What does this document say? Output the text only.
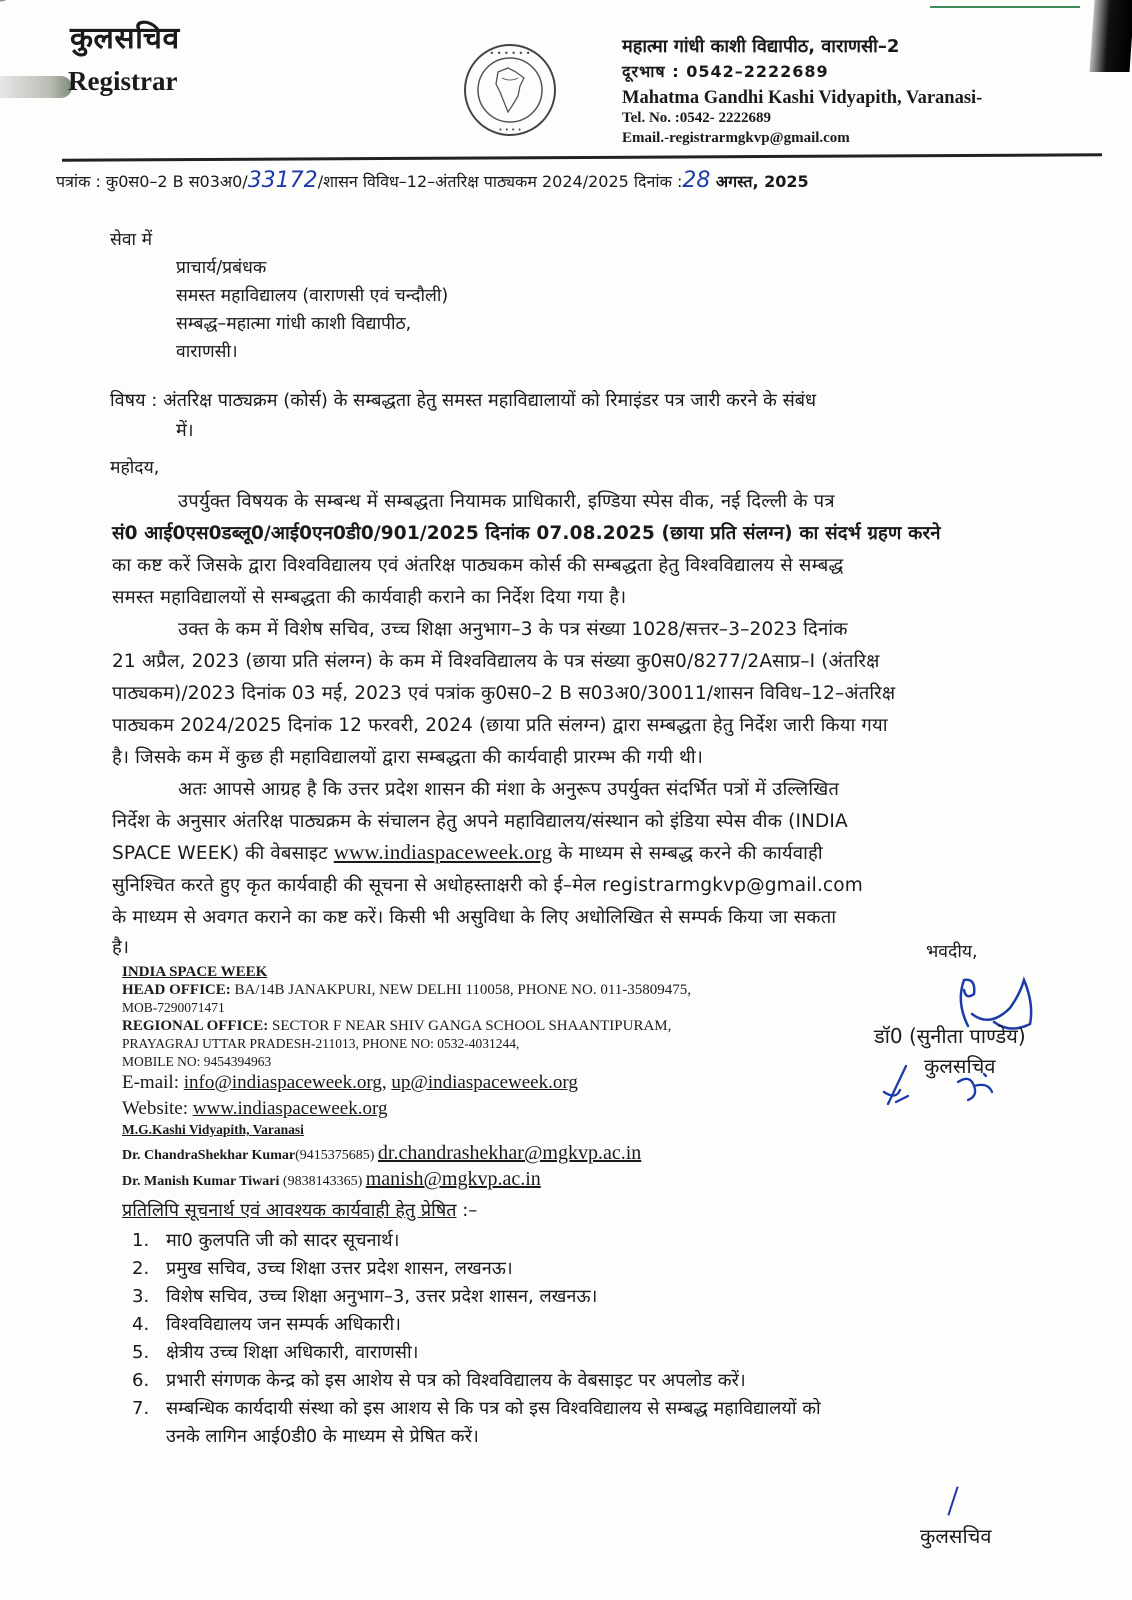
कुलसचिव
Registrar
• • • • • •
• • • •
महात्मा गांधी काशी विद्यापीठ, वाराणसी–2
दूरभाष : 0542–2222689
Mahatma Gandhi Kashi Vidyapith, Varanasi-
Tel. No. :0542- 2222689
Email.-registrarmgkvp@gmail.com
पत्रांक : कु0स0–2 B स03अ0/33172/शासन विविध–12–अंतरिक्ष पाठ्यकम 2024/2025 दिनांक :28 अगस्त, 2025
सेवा में
प्राचार्य/प्रबंधक
समस्त महाविद्यालय (वाराणसी एवं चन्दौली)
सम्बद्ध–महात्मा गांधी काशी विद्यापीठ,
वाराणसी।
विषय : अंतरिक्ष पाठ्यक्रम (कोर्स) के सम्बद्धता हेतु समस्त महाविद्यालायों को रिमाइंडर पत्र जारी करने के संबंध
में।
महोदय,
उपर्युक्त विषयक के सम्बन्ध में सम्बद्धता नियामक प्राधिकारी, इण्डिया स्पेस वीक, नई दिल्ली के पत्र
सं0 आई0एस0डब्लू0/आई0एन0डी0/901/2025 दिनांक 07.08.2025 (छाया प्रति संलग्न) का संदर्भ ग्रहण करने
का कष्ट करें जिसके द्वारा विश्वविद्यालय एवं अंतरिक्ष पाठ्यकम कोर्स की सम्बद्धता हेतु विश्वविद्यालय से सम्बद्ध
समस्त महाविद्यालयों से सम्बद्धता की कार्यवाही कराने का निर्देश दिया गया है।
उक्त के कम में विशेष सचिव, उच्च शिक्षा अनुभाग–3 के पत्र संख्या 1028/सत्तर–3–2023 दिनांक
21 अप्रैल, 2023 (छाया प्रति संलग्न) के कम में विश्वविद्यालय के पत्र संख्या कु0स0/8277/2Aसाप्र–I (अंतरिक्ष
पाठ्यकम)/2023 दिनांक 03 मई, 2023 एवं पत्रांक कु0स0–2 B स03अ0/30011/शासन विविध–12–अंतरिक्ष
पाठ्यकम 2024/2025 दिनांक 12 फरवरी, 2024 (छाया प्रति संलग्न) द्वारा सम्बद्धता हेतु निर्देश जारी किया गया
है। जिसके कम में कुछ ही महाविद्यालयों द्वारा सम्बद्धता की कार्यवाही प्रारम्भ की गयी थी।
अतः आपसे आग्रह है कि उत्तर प्रदेश शासन की मंशा के अनुरूप उपर्युक्त संदर्भित पत्रों में उल्लिखित
निर्देश के अनुसार अंतरिक्ष पाठ्यक्रम के संचालन हेतु अपने महाविद्यालय/संस्थान को इंडिया स्पेस वीक (INDIA
SPACE WEEK) की वेबसाइट www.indiaspaceweek.org के माध्यम से सम्बद्ध करने की कार्यवाही
सुनिश्चित करते हुए कृत कार्यवाही की सूचना से अधोहस्ताक्षरी को ई–मेल registrarmgkvp@gmail.com
के माध्यम से अवगत कराने का कष्ट करें। किसी भी असुविधा के लिए अधोलिखित से सम्पर्क किया जा सकता
है।
INDIA SPACE WEEK
HEAD OFFICE: BA/14B JANAKPURI, NEW DELHI 110058, PHONE NO. 011-35809475,
MOB-7290071471
REGIONAL OFFICE: SECTOR F NEAR SHIV GANGA SCHOOL SHAANTIPURAM,
PRAYAGRAJ UTTAR PRADESH-211013, PHONE NO: 0532-4031244,
MOBILE NO: 9454394963
E-mail: info@indiaspaceweek.org, up@indiaspaceweek.org
Website: www.indiaspaceweek.org
M.G.Kashi Vidyapith, Varanasi
Dr. ChandraShekhar Kumar(9415375685) dr.chandrashekhar@mgkvp.ac.in
Dr. Manish Kumar Tiwari (9838143365) manish@mgkvp.ac.in
भवदीय,
डॉ0 (सुनीता पाण्डेय)
कुलसचिव
प्रतिलिपि सूचनार्थ एवं आवश्यक कार्यवाही हेतु प्रेषित :–
1. मा0 कुलपति जी को सादर सूचनार्थ।
2. प्रमुख सचिव, उच्च शिक्षा उत्तर प्रदेश शासन, लखनऊ।
3. विशेष सचिव, उच्च शिक्षा अनुभाग–3, उत्तर प्रदेश शासन, लखनऊ।
4. विश्वविद्यालय जन सम्पर्क अधिकारी।
5. क्षेत्रीय उच्च शिक्षा अधिकारी, वाराणसी।
6. प्रभारी संगणक केन्द्र को इस आशेय से पत्र को विश्वविद्यालय के वेबसाइट पर अपलोड करें।
7. सम्बन्धिक कार्यदायी संस्था को इस आशय से कि पत्र को इस विश्वविद्यालय से सम्बद्ध महाविद्यालयों को
उनके लागिन आई0डी0 के माध्यम से प्रेषित करें।
कुलसचिव
